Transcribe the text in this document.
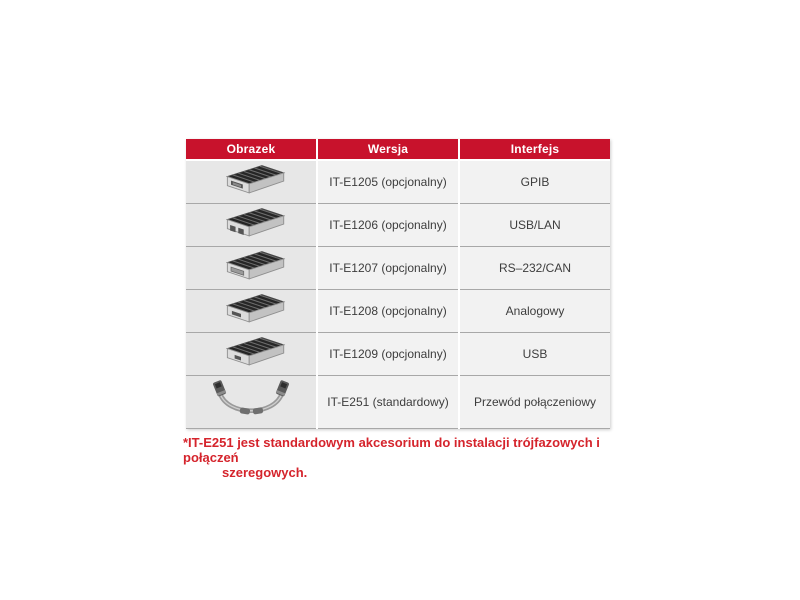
Obrazek	Wersja	Interfejs
IT-E1205 (opcjonalny)	GPIB
IT-E1206 (opcjonalny)	USB/LAN
IT-E1207 (opcjonalny)	RS–232/CAN
IT-E1208 (opcjonalny)	Analogowy
IT-E1209 (opcjonalny)	USB
IT-E251 (standardowy)	Przewód połączeniowy
*IT-E251 jest standardowym akcesorium do instalacji trójfazowych i połączeń
szeregowych.
